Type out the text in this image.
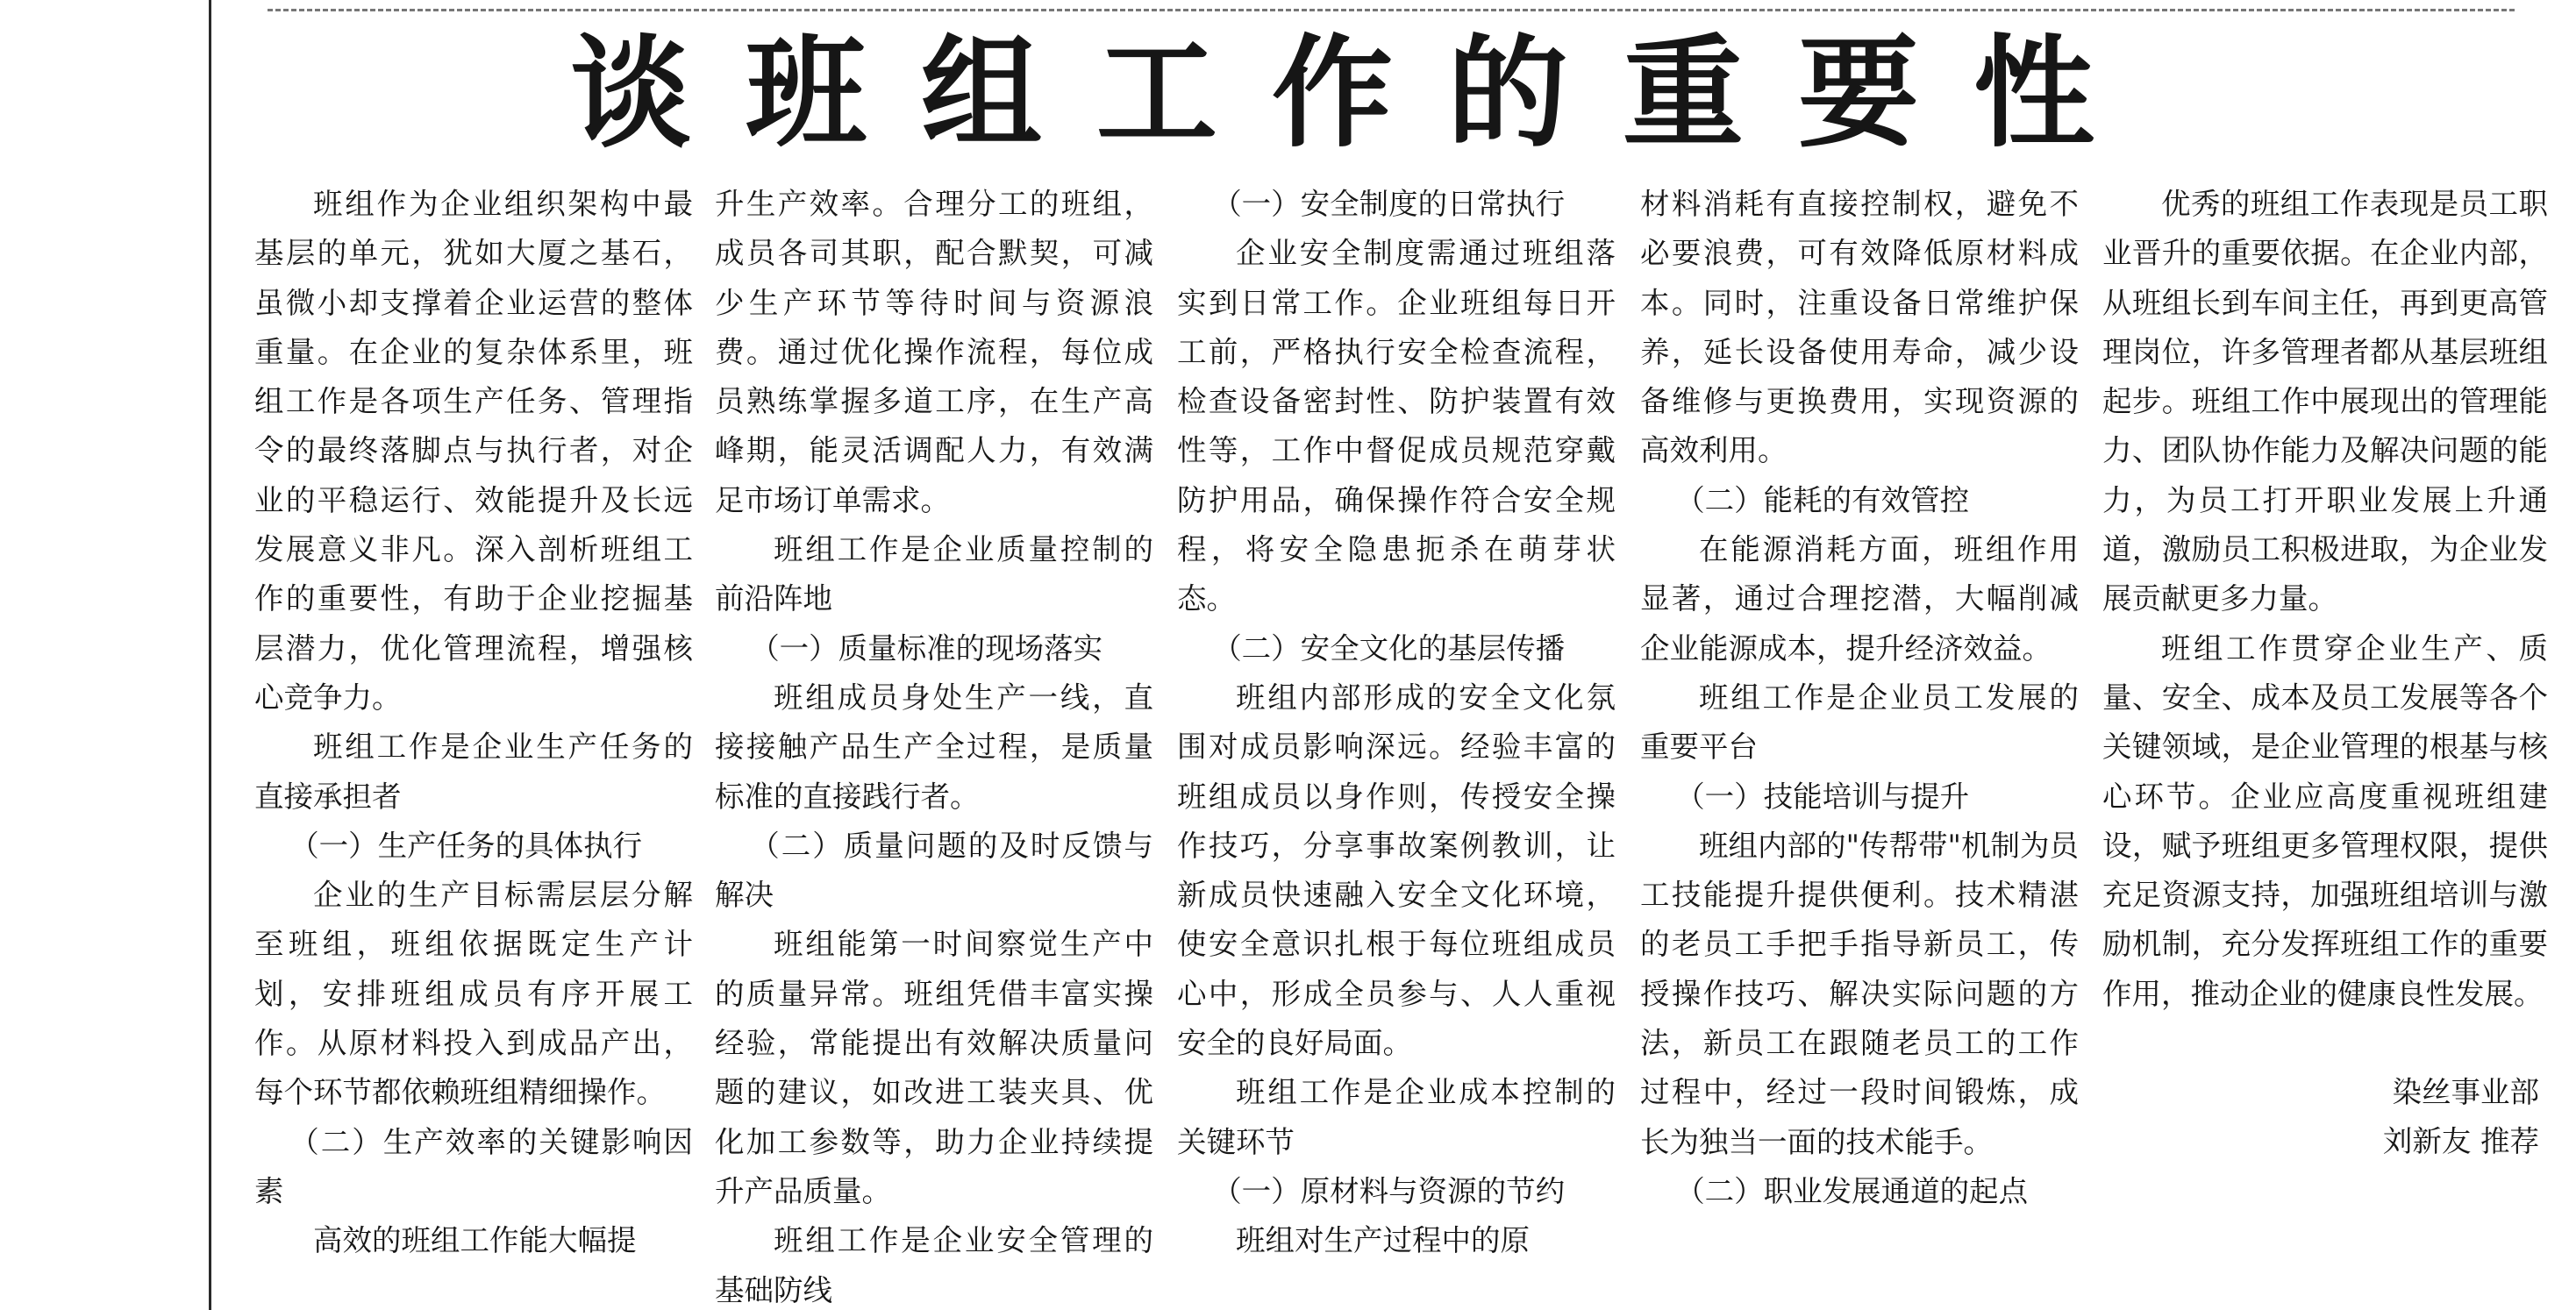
谈班组工作的重要性

班组作为企业组织架构中最基层的单元，犹如大厦之基石，虽微小却支撑着企业运营的整体重量。在企业的复杂体系里，班组工作是各项生产任务、管理指令的最终落脚点与执行者，对企业的平稳运行、效能提升及长远发展意义非凡。深入剖析班组工作的重要性，有助于企业挖掘基层潜力，优化管理流程，增强核心竞争力。

班组工作是企业生产任务的直接承担者

（一）生产任务的具体执行

企业的生产目标需层层分解至班组，班组依据既定生产计划，安排班组成员有序开展工作。从原材料投入到成品产出，每个环节都依赖班组精细操作。

（二）生产效率的关键影响因素

高效的班组工作能大幅提

升生产效率。合理分工的班组，成员各司其职，配合默契，可减少生产环节等待时间与资源浪费。通过优化操作流程，每位成员熟练掌握多道工序，在生产高峰期，能灵活调配人力，有效满足市场订单需求。

班组工作是企业质量控制的前沿阵地

（一）质量标准的现场落实

班组成员身处生产一线，直接接触产品生产全过程，是质量标准的直接践行者。

（二）质量问题的及时反馈与解决

班组能第一时间察觉生产中的质量异常。班组凭借丰富实操经验，常能提出有效解决质量问题的建议，如改进工装夹具、优化加工参数等，助力企业持续提升产品质量。

班组工作是企业安全管理的基础防线

（一）安全制度的日常执行

企业安全制度需通过班组落实到日常工作。企业班组每日开工前，严格执行安全检查流程，检查设备密封性、防护装置有效性等，工作中督促成员规范穿戴防护用品，确保操作符合安全规程，将安全隐患扼杀在萌芽状态。

（二）安全文化的基层传播

班组内部形成的安全文化氛围对成员影响深远。经验丰富的班组成员以身作则，传授安全操作技巧，分享事故案例教训，让新成员快速融入安全文化环境，使安全意识扎根于每位班组成员心中，形成全员参与、人人重视安全的良好局面。

班组工作是企业成本控制的关键环节

（一）原材料与资源的节约

班组对生产过程中的原

材料消耗有直接控制权，避免不必要浪费，可有效降低原材料成本。同时，注重设备日常维护保养，延长设备使用寿命，减少设备维修与更换费用，实现资源的高效利用。

（二）能耗的有效管控

在能源消耗方面，班组作用显著，通过合理挖潜，大幅削减企业能源成本，提升经济效益。

班组工作是企业员工发展的重要平台

（一）技能培训与提升

班组内部的"传帮带"机制为员工技能提升提供便利。技术精湛的老员工手把手指导新员工，传授操作技巧、解决实际问题的方法，新员工在跟随老员工的工作过程中，经过一段时间锻炼，成长为独当一面的技术能手。

（二）职业发展通道的起点

优秀的班组工作表现是员工职业晋升的重要依据。在企业内部，从班组长到车间主任，再到更高管理岗位，许多管理者都从基层班组起步。班组工作中展现出的管理能力、团队协作能力及解决问题的能力，为员工打开职业发展上升通道，激励员工积极进取，为企业发展贡献更多力量。

班组工作贯穿企业生产、质量、安全、成本及员工发展等各个关键领域，是企业管理的根基与核心环节。企业应高度重视班组建设，赋予班组更多管理权限，提供充足资源支持，加强班组培训与激励机制，充分发挥班组工作的重要作用，推动企业的健康良性发展。

染丝事业部

刘新友 推荐
